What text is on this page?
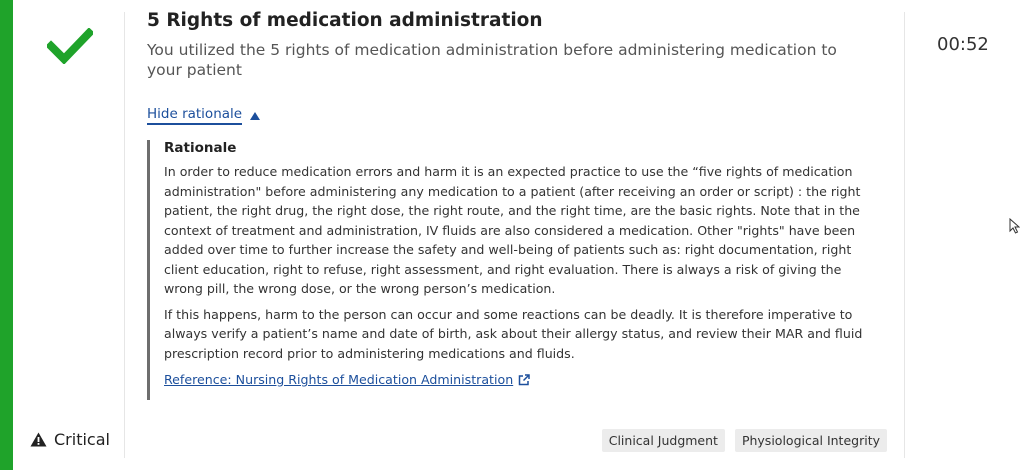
Critical
5 Rights of medication administration
You utilized the 5 rights of medication administration before administering medication to your patient
Hide rationale
Rationale

In order to reduce medication errors and harm it is an expected practice to use the “five rights of medication administration" before administering any medication to a patient (after receiving an order or script) : the right patient, the right drug, the right dose, the right route, and the right time, are the basic rights. Note that in the context of treatment and administration, IV fluids are also considered a medication. Other "rights" have been added over time to further increase the safety and well-being of patients such as: right documentation, right client education, right to refuse, right assessment, and right evaluation. There is always a risk of giving the wrong pill, the wrong dose, or the wrong person’s medication.

If this happens, harm to the person can occur and some reactions can be deadly. It is therefore imperative to always verify a patient’s name and date of birth, ask about their allergy status, and review their MAR and fluid prescription record prior to administering medications and fluids.

Reference: Nursing Rights of Medication Administration
Clinical Judgment	Physiological Integrity
00:52
